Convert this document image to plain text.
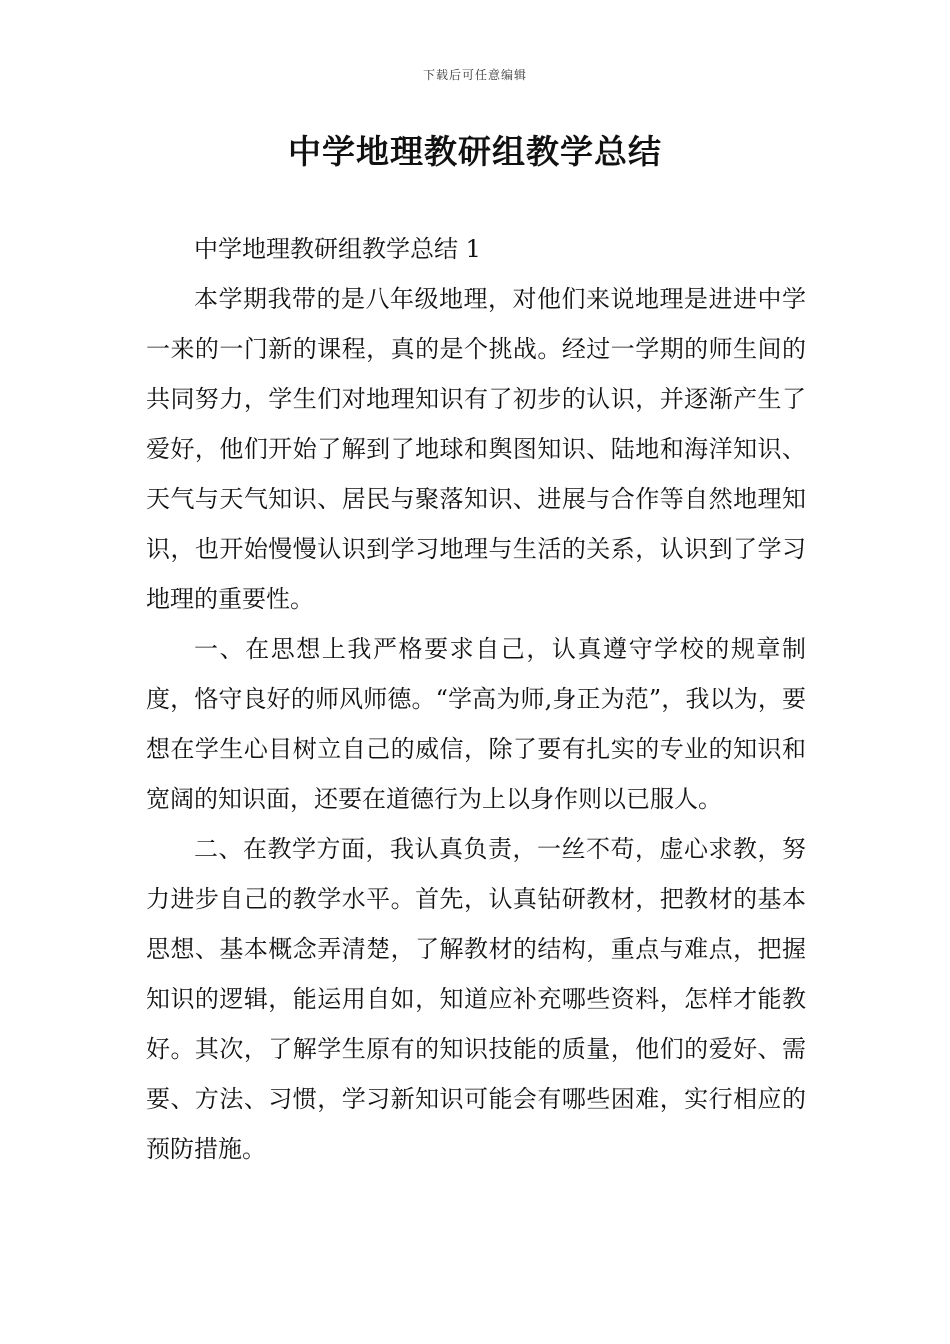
下载后可任意编辑
中学地理教研组教学总结

中学地理教研组教学总结 1

本学期我带的是八年级地理，对他们来说地理是进进中学一来的一门新的课程，真的是个挑战。经过一学期的师生间的共同努力，学生们对地理知识有了初步的认识，并逐渐产生了爱好，他们开始了解到了地球和舆图知识、陆地和海洋知识、天气与天气知识、居民与聚落知识、进展与合作等自然地理知识，也开始慢慢认识到学习地理与生活的关系，认识到了学习地理的重要性。

一、在思想上我严格要求自己，认真遵守学校的规章制度，恪守良好的师风师德。“学高为师,身正为范”，我以为，要想在学生心目树立自己的威信，除了要有扎实的专业的知识和宽阔的知识面，还要在道德行为上以身作则以已服人。

二、在教学方面，我认真负责，一丝不苟，虚心求教，努力进步自己的教学水平。首先，认真钻研教材，把教材的基本思想、基本概念弄清楚，了解教材的结构，重点与难点，把握知识的逻辑，能运用自如，知道应补充哪些资料，怎样才能教好。其次，了解学生原有的知识技能的质量，他们的爱好、需要、方法、习惯，学习新知识可能会有哪些困难，实行相应的预防措施。
